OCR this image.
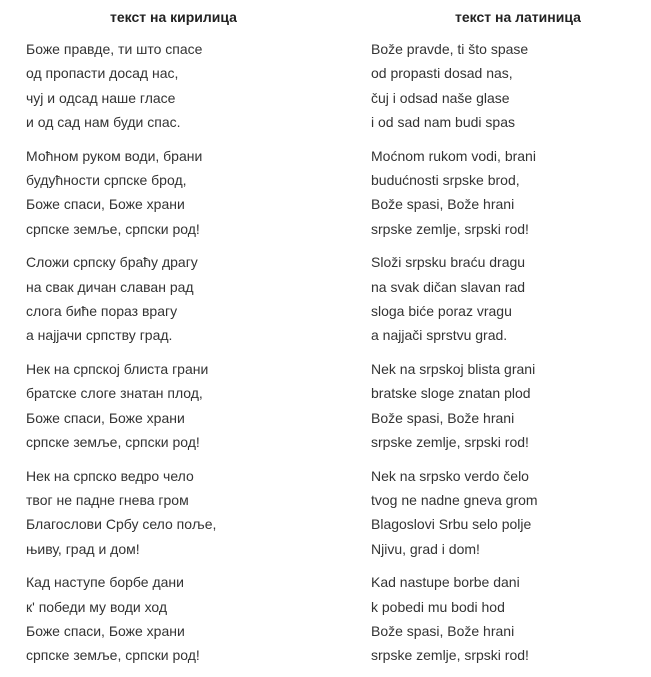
текст на кирилица
Боже правде, ти што спасе
од пропасти досад нас,
чуј и одсад наше гласе
и од сад нам буди спас.
Моћном руком води, брани
будућности српске брод,
Боже спаси, Боже храни
српске земље, српски род!
Сложи српску браћу драгу
на свак дичан славан рад
слога биће пораз врагу
а најјачи српству град.
Нек на српској блиста грани
братске слоге знатан плод,
Боже спаси, Боже храни
српске земље, српски род!
Нек на српско ведро чело
твог не падне гнева гром
Благослови Србу село поље,
њиву, град и дом!
Кад наступе борбе дани
к' победи му води ход
Боже спаси, Боже храни
српске земље, српски род!
текст на латиница
Bože pravde, ti što spase
od propasti dosad nas,
čuj i odsad naše glase
i od sad nam budi spas
Moćnom rukom vodi, brani
budućnosti srpske brod,
Bože spasi, Bože hrani
srpske zemlje, srpski rod!
Složi srpsku braću dragu
na svak dičan slavan rad
sloga biće poraz vragu
a najjači sprstvu grad.
Nek na srpskoj blista grani
bratske sloge znatan plod
Bože spasi, Bože hrani
srpske zemlje, srpski rod!
Nek na srpsko verdo čelo
tvog ne nadne gneva grom
Blagoslovi Srbu selo polje
Njivu, grad i dom!
Kad nastupe borbe dani
k pobedi mu bodi hod
Bože spasi, Bože hrani
srpske zemlje, srpski rod!
